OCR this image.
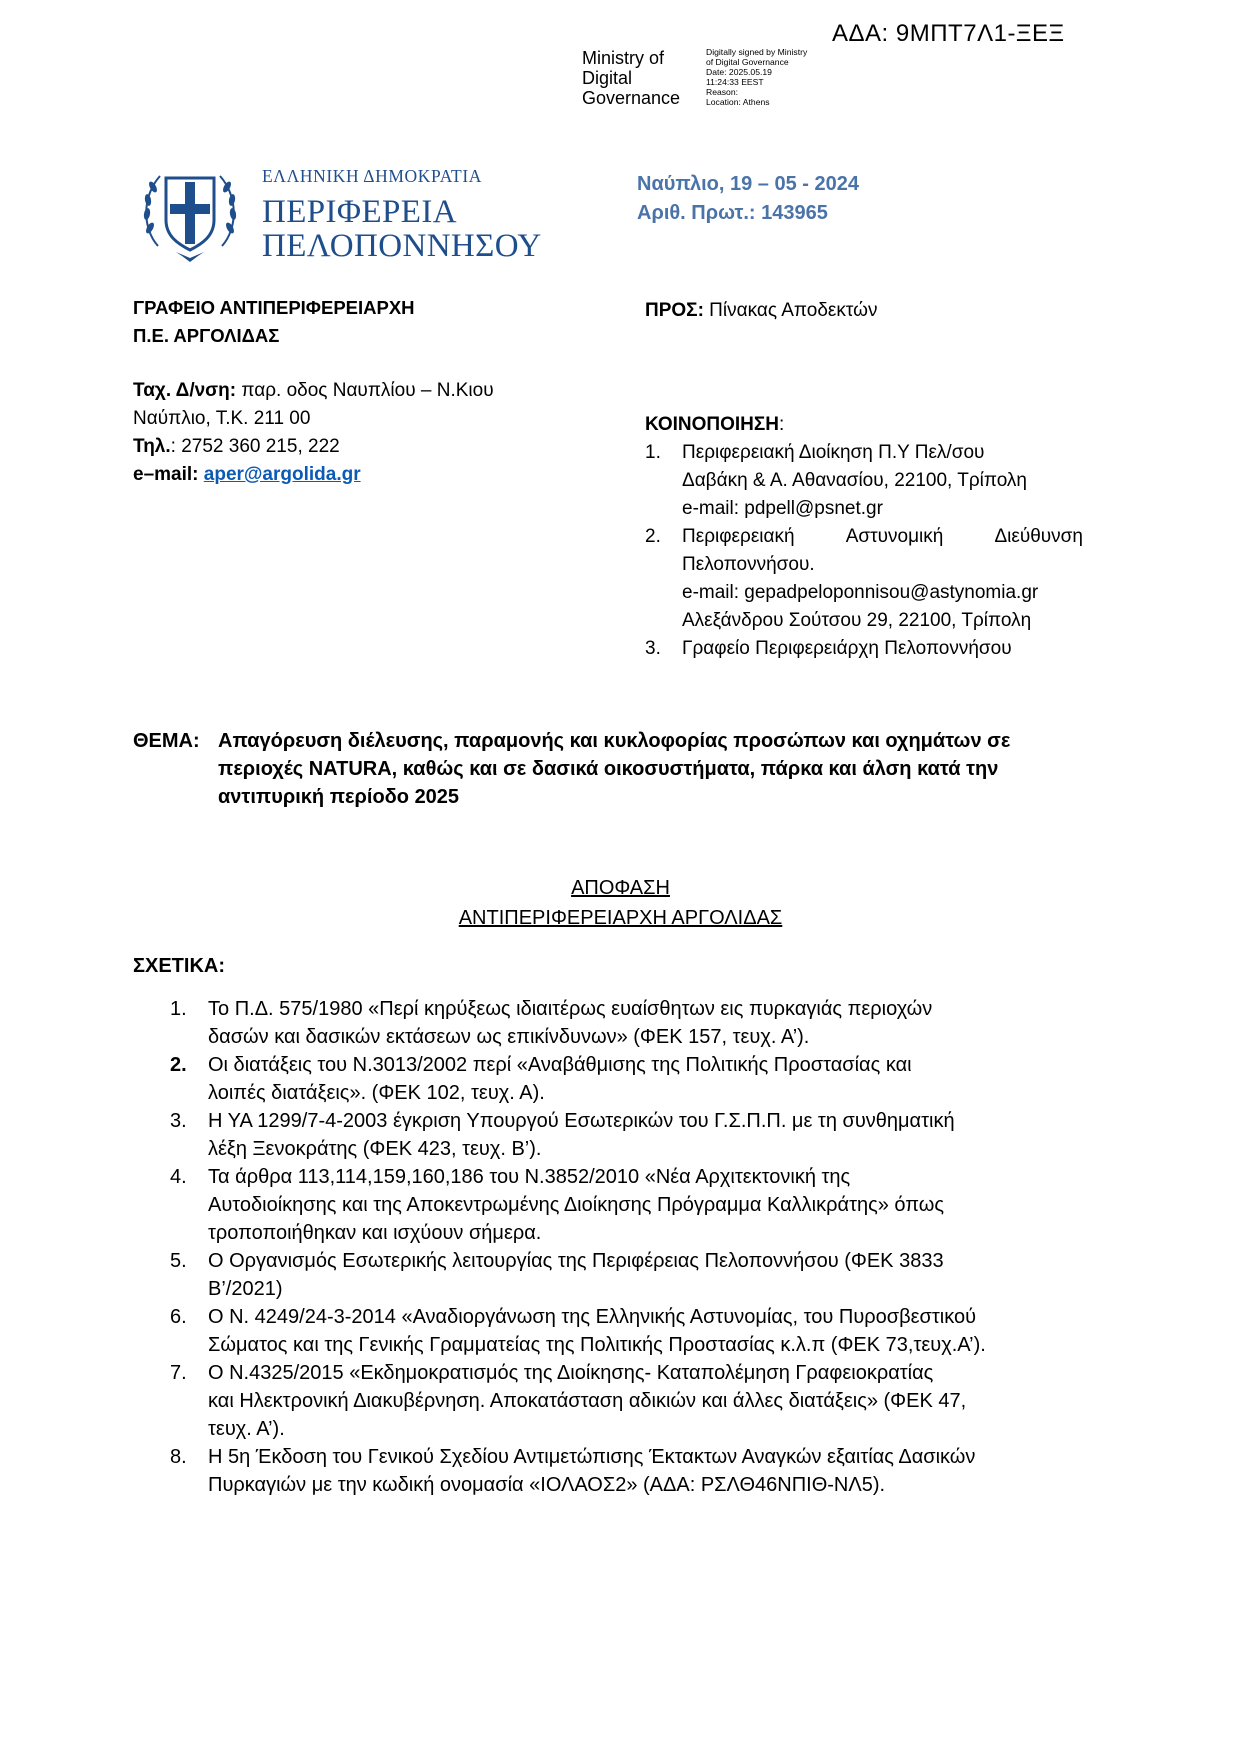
ΑΔΑ: 9ΜΠΤ7Λ1-ΞΕΞ
Ministry of
Digital
Governance
Digitally signed by Ministry
of Digital Governance
Date: 2025.05.19
11:24:33 EEST
Reason:
Location: Athens
ΕΛΛΗΝΙΚΗ ΔΗΜΟΚΡΑΤΙΑ
ΠΕΡΙΦΕΡΕΙΑ
ΠΕΛΟΠΟΝΝΗΣΟΥ
Ναύπλιο, 19 – 05 - 2024
Αριθ. Πρωτ.: 143965
ΓΡΑΦΕΙΟ ΑΝΤΙΠΕΡΙΦΕΡΕΙΑΡΧΗ
Π.Ε. ΑΡΓΟΛΙΔΑΣ
Ταχ. Δ/νση: παρ. οδος Ναυπλίου – Ν.Κιου
Ναύπλιο, Τ.Κ. 211 00
Τηλ.: 2752 360 215, 222
e–mail: aper@argolida.gr
ΠΡΟΣ: Πίνακας Αποδεκτών
ΚΟΙΝΟΠΟΙΗΣΗ:
1. Περιφερειακή Διοίκηση Π.Υ Πελ/σου
Δαβάκη & Α. Αθανασίου, 22100, Τρίπολη
e-mail: pdpell@psnet.gr
2. Περιφερειακή	Αστυνομική	Διεύθυνση
Πελοποννήσου.
e-mail: gepadpeloponnisou@astynomia.gr
Αλεξάνδρου Σούτσου 29, 22100, Τρίπολη
3. Γραφείο Περιφερειάρχη Πελοποννήσου
ΘΕΜΑ: Απαγόρευση διέλευσης, παραμονής και κυκλοφορίας προσώπων και οχημάτων σε
περιοχές NATURA, καθώς και σε δασικά οικοσυστήματα, πάρκα και άλση κατά την
αντιπυρική περίοδο 2025
ΑΠΟΦΑΣΗ
ΑΝΤΙΠΕΡΙΦΕΡΕΙΑΡΧΗ ΑΡΓΟΛΙΔΑΣ
ΣΧΕΤΙΚΑ:
1. Το Π.Δ. 575/1980 «Περί κηρύξεως ιδιαιτέρως ευαίσθητων εις πυρκαγιάς περιοχών
δασών και δασικών εκτάσεων ως επικίνδυνων» (ΦΕΚ 157, τευχ. Α’).
2. Οι διατάξεις του Ν.3013/2002 περί «Αναβάθμισης της Πολιτικής Προστασίας και
λοιπές διατάξεις». (ΦΕΚ 102, τευχ. Α).
3. Η ΥΑ 1299/7-4-2003 έγκριση Υπουργού Εσωτερικών του Γ.Σ.Π.Π. με τη συνθηματική
λέξη Ξενοκράτης (ΦΕΚ 423, τευχ. Β’).
4. Τα άρθρα 113,114,159,160,186 του Ν.3852/2010 «Νέα Αρχιτεκτονική της
Αυτοδιοίκησης και της Αποκεντρωμένης Διοίκησης Πρόγραμμα Καλλικράτης» όπως
τροποποιήθηκαν και ισχύουν σήμερα.
5. Ο Οργανισμός Εσωτερικής λειτουργίας της Περιφέρειας Πελοποννήσου (ΦΕΚ 3833
Β’/2021)
6. Ο Ν. 4249/24-3-2014 «Αναδιοργάνωση της Ελληνικής Αστυνομίας, του Πυροσβεστικού
Σώματος και της Γενικής Γραμματείας της Πολιτικής Προστασίας κ.λ.π (ΦΕΚ 73,τευχ.Α’).
7. Ο Ν.4325/2015 «Εκδημοκρατισμός της Διοίκησης- Καταπολέμηση Γραφειοκρατίας
και Ηλεκτρονική Διακυβέρνηση. Αποκατάσταση αδικιών και άλλες διατάξεις» (ΦΕΚ 47,
τευχ. Α’).
8. Η 5η Έκδοση του Γενικού Σχεδίου Αντιμετώπισης Έκτακτων Αναγκών εξαιτίας Δασικών
Πυρκαγιών με την κωδική ονομασία «ΙΟΛΑΟΣ2» (ΑΔΑ: ΡΣΛΘ46ΝΠΙΘ-ΝΛ5).
